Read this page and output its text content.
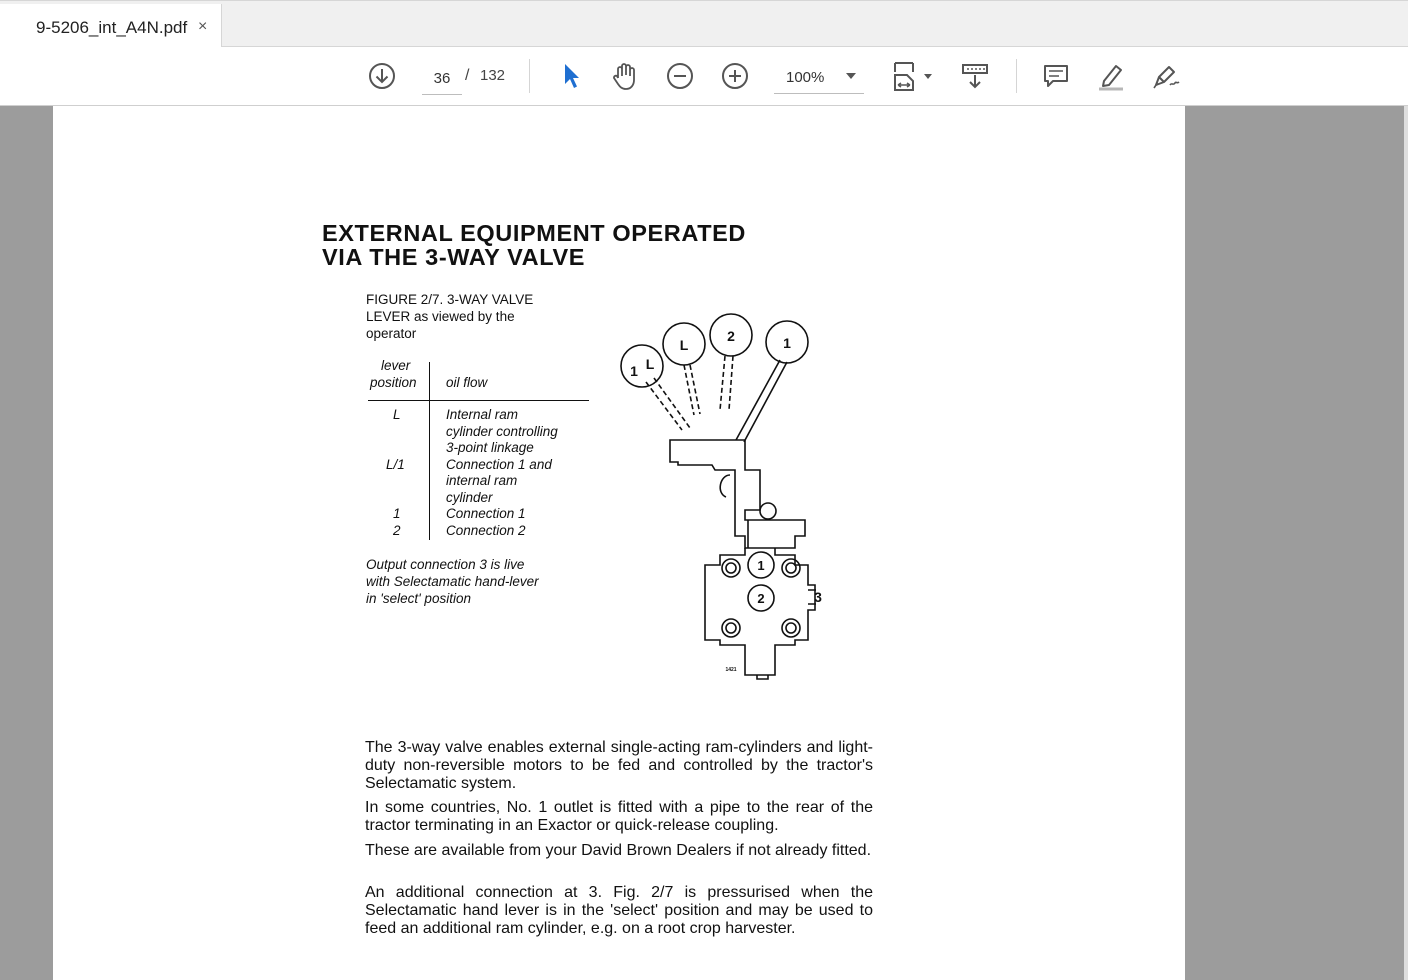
9-5206_int_A4N.pdf ×
36
/ 132	100%
EXTERNAL EQUIPMENT OPERATED
VIA THE 3-WAY VALVE
FIGURE 2/7. 3-WAY VALVE
LEVER as viewed by the
operator
lever
position oil flow
L	Internal ram
cylinder controlling
3-point linkage
L/1	Connection 1 and
internal ram
cylinder
1	Connection 1
2	Connection 2
Output connection 3 is live
with Selectamatic hand-lever
in 'select' position
1 L
L
2	1
1
2	3
1421

The 3-way valve enables external single-acting ram-cylinders and light-duty non-reversible motors to be fed and controlled by the tractor's Selectamatic system.

In some countries, No. 1 outlet is fitted with a pipe to the rear of the tractor terminating in an Exactor or quick-release coupling.

These are available from your David Brown Dealers if not already fitted.

An additional connection at 3. Fig. 2/7 is pressurised when the Selectamatic hand lever is in the 'select' position and may be used to feed an additional ram cylinder, e.g. on a root crop harvester.
